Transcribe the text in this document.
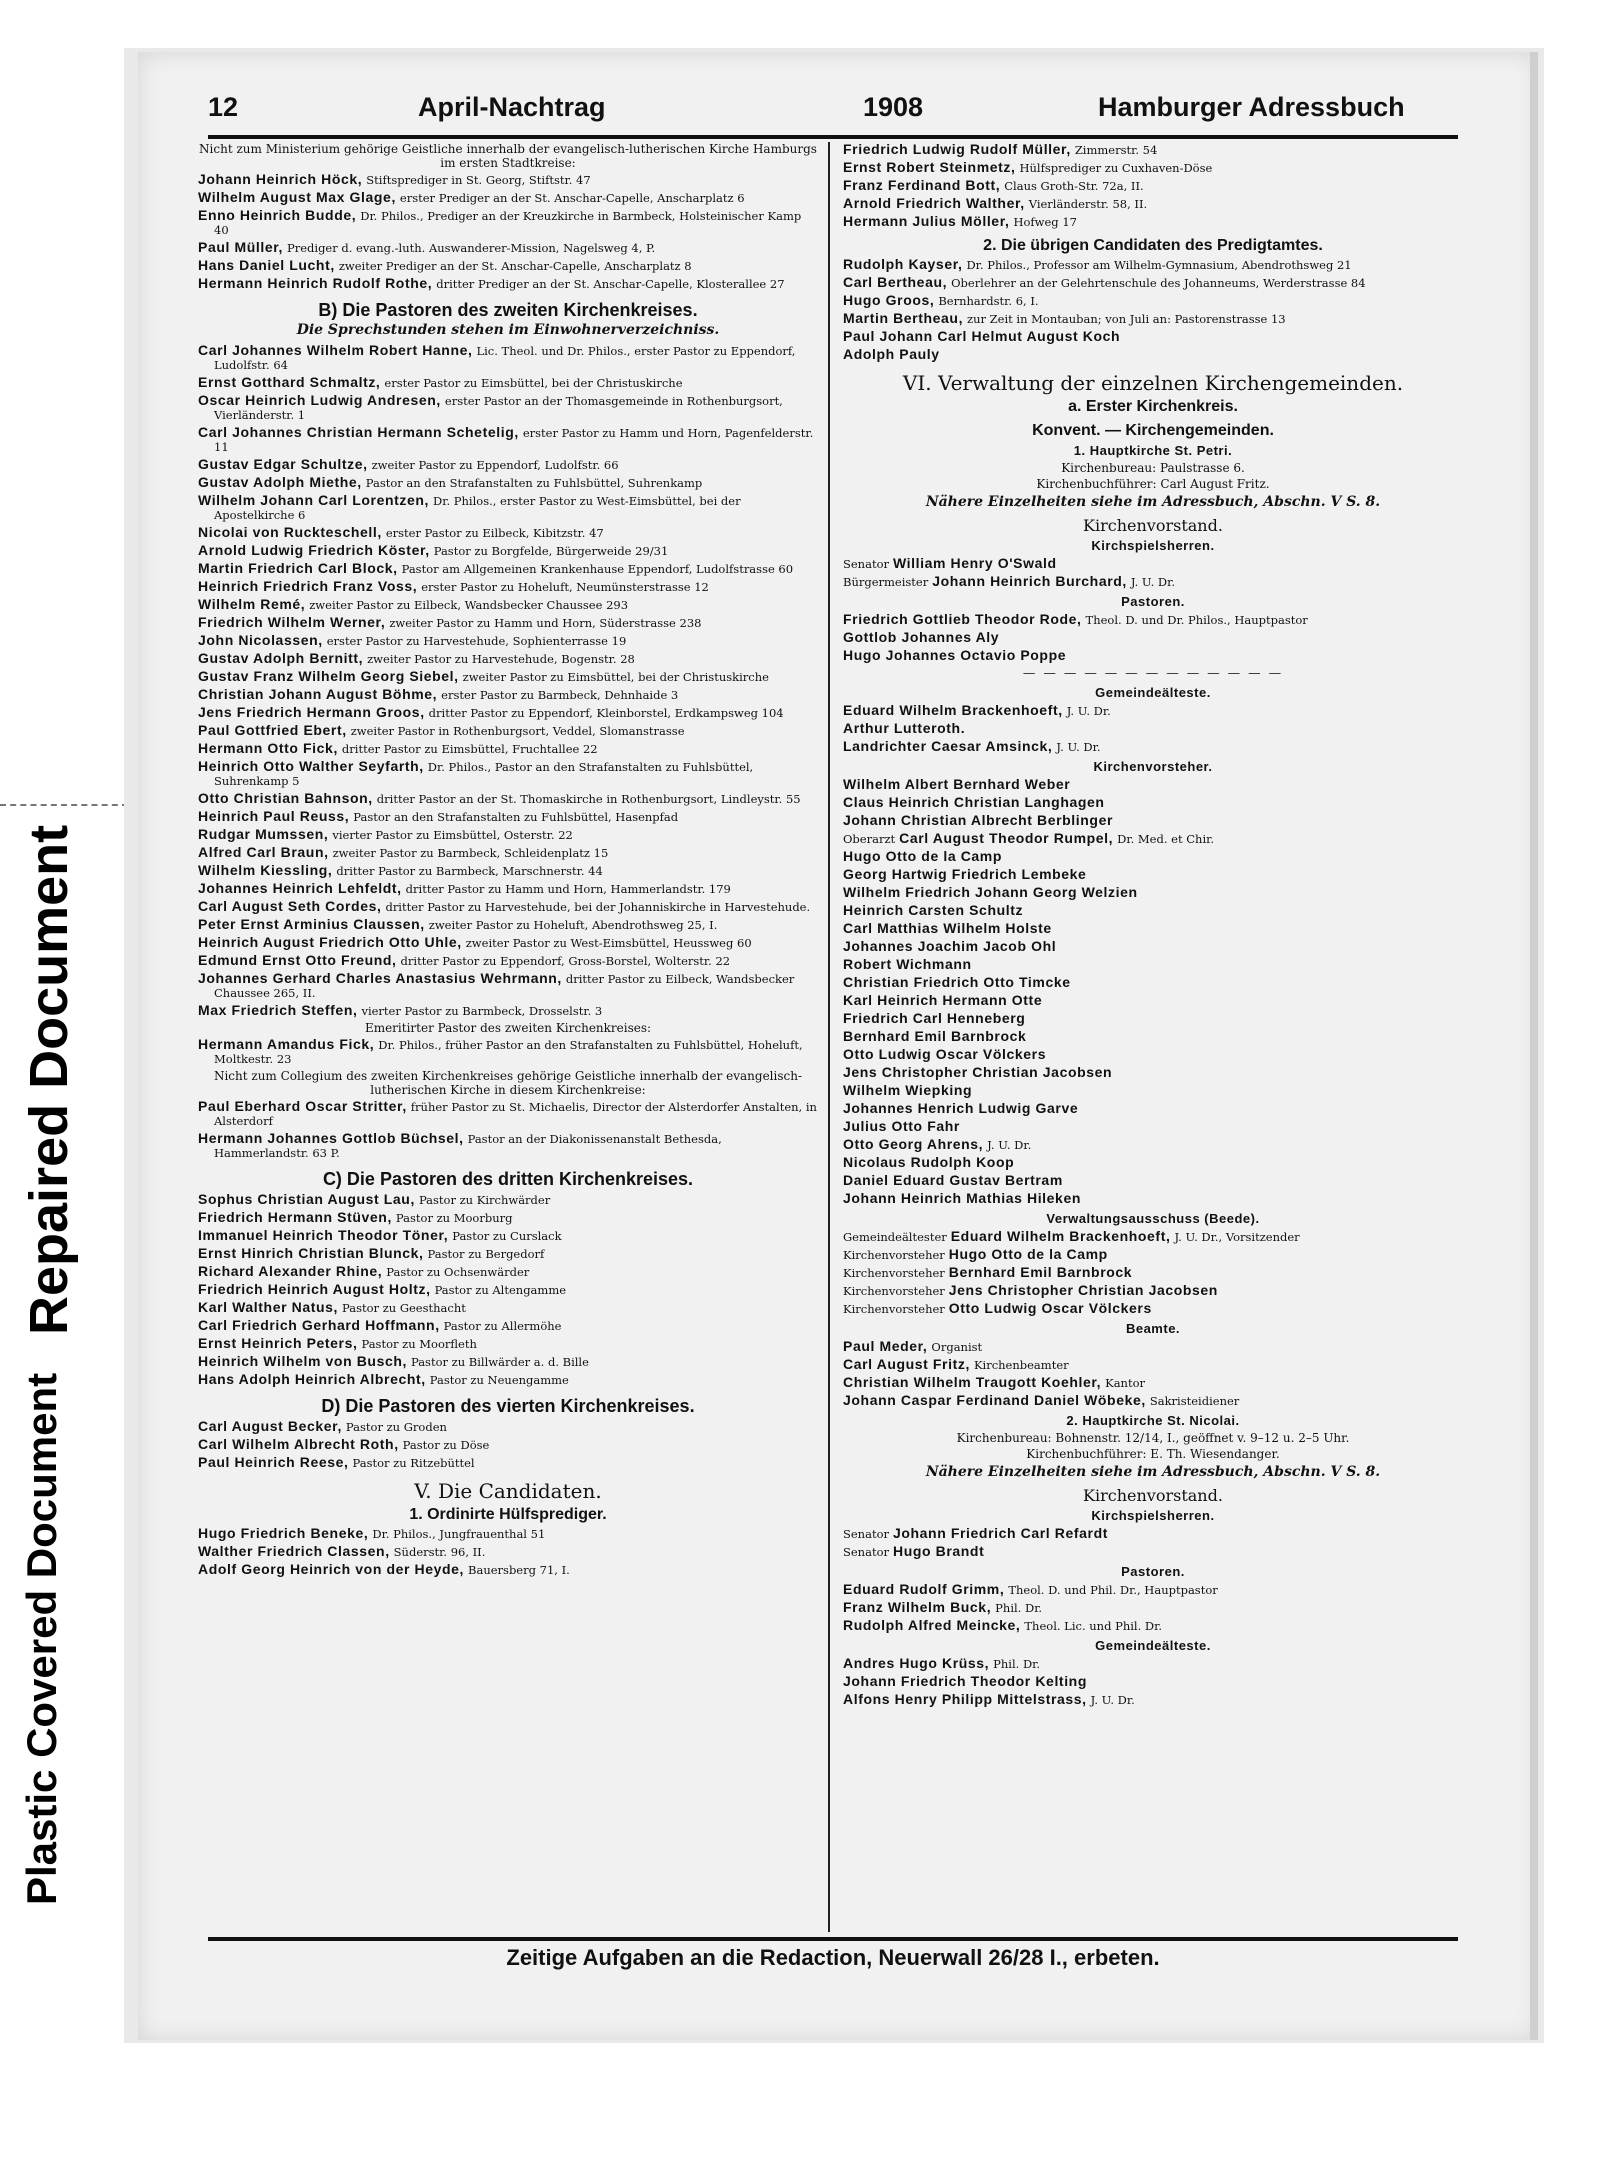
Plastic Covered Document
Repaired Document
12	April-Nachtrag	1908	Hamburger Adressbuch
Nicht zum Ministerium gehörige Geistliche innerhalb der evangelisch-lutherischen Kirche Hamburgs im ersten Stadtkreise:
Johann Heinrich Höck, Stiftsprediger in St. Georg, Stiftstr. 47
Wilhelm August Max Glage, erster Prediger an der St. Anschar-Capelle, Anscharplatz 6
Enno Heinrich Budde, Dr. Philos., Prediger an der Kreuzkirche in Barmbeck, Holsteinischer Kamp 40
Paul Müller, Prediger d. evang.-luth. Auswanderer-Mission, Nagelsweg 4, P.
Hans Daniel Lucht, zweiter Prediger an der St. Anschar-Capelle, Anscharplatz 8
Hermann Heinrich Rudolf Rothe, dritter Prediger an der St. Anschar-Capelle, Klosterallee 27
B) Die Pastoren des zweiten Kirchenkreises.
Die Sprechstunden stehen im Einwohnerverzeichniss.
Carl Johannes Wilhelm Robert Hanne, Lic. Theol. und Dr. Philos., erster Pastor zu Eppendorf, Ludolfstr. 64
Ernst Gotthard Schmaltz, erster Pastor zu Eimsbüttel, bei der Christuskirche
Oscar Heinrich Ludwig Andresen, erster Pastor an der Thomasgemeinde in Rothenburgsort, Vierländerstr. 1
Carl Johannes Christian Hermann Schetelig, erster Pastor zu Hamm und Horn, Pagenfelderstr. 11
Gustav Edgar Schultze, zweiter Pastor zu Eppendorf, Ludolfstr. 66
Gustav Adolph Miethe, Pastor an den Strafanstalten zu Fuhlsbüttel, Suhrenkamp
Wilhelm Johann Carl Lorentzen, Dr. Philos., erster Pastor zu West-Eimsbüttel, bei der Apostelkirche 6
Nicolai von Ruckteschell, erster Pastor zu Eilbeck, Kibitzstr. 47
Arnold Ludwig Friedrich Köster, Pastor zu Borgfelde, Bürgerweide 29/31
Martin Friedrich Carl Block, Pastor am Allgemeinen Krankenhause Eppendorf, Ludolfstrasse 60
Heinrich Friedrich Franz Voss, erster Pastor zu Hoheluft, Neumünsterstrasse 12
Wilhelm Remé, zweiter Pastor zu Eilbeck, Wandsbecker Chaussee 293
Friedrich Wilhelm Werner, zweiter Pastor zu Hamm und Horn, Süderstrasse 238
John Nicolassen, erster Pastor zu Harvestehude, Sophienterrasse 19
Gustav Adolph Bernitt, zweiter Pastor zu Harvestehude, Bogenstr. 28
Gustav Franz Wilhelm Georg Siebel, zweiter Pastor zu Eimsbüttel, bei der Christuskirche
Christian Johann August Böhme, erster Pastor zu Barmbeck, Dehnhaide 3
Jens Friedrich Hermann Groos, dritter Pastor zu Eppendorf, Kleinborstel, Erdkampsweg 104
Paul Gottfried Ebert, zweiter Pastor in Rothenburgsort, Veddel, Slomanstrasse
Hermann Otto Fick, dritter Pastor zu Eimsbüttel, Fruchtallee 22
Heinrich Otto Walther Seyfarth, Dr. Philos., Pastor an den Strafanstalten zu Fuhlsbüttel, Suhrenkamp 5
Otto Christian Bahnson, dritter Pastor an der St. Thomaskirche in Rothenburgsort, Lindleystr. 55
Heinrich Paul Reuss, Pastor an den Strafanstalten zu Fuhlsbüttel, Hasenpfad
Rudgar Mumssen, vierter Pastor zu Eimsbüttel, Osterstr. 22
Alfred Carl Braun, zweiter Pastor zu Barmbeck, Schleidenplatz 15
Wilhelm Kiessling, dritter Pastor zu Barmbeck, Marschnerstr. 44
Johannes Heinrich Lehfeldt, dritter Pastor zu Hamm und Horn, Hammerlandstr. 179
Carl August Seth Cordes, dritter Pastor zu Harvestehude, bei der Johanniskirche in Harvestehude.
Peter Ernst Arminius Claussen, zweiter Pastor zu Hoheluft, Abendrothsweg 25, I.
Heinrich August Friedrich Otto Uhle, zweiter Pastor zu West-Eimsbüttel, Heussweg 60
Edmund Ernst Otto Freund, dritter Pastor zu Eppendorf, Gross-Borstel, Wolterstr. 22
Johannes Gerhard Charles Anastasius Wehrmann, dritter Pastor zu Eilbeck, Wandsbecker Chaussee 265, II.
Max Friedrich Steffen, vierter Pastor zu Barmbeck, Drosselstr. 3
Emeritirter Pastor des zweiten Kirchenkreises:
Hermann Amandus Fick, Dr. Philos., früher Pastor an den Strafanstalten zu Fuhlsbüttel, Hoheluft, Moltkestr. 23
Nicht zum Collegium des zweiten Kirchenkreises gehörige Geistliche innerhalb der evangelisch-lutherischen Kirche in diesem Kirchenkreise:
Paul Eberhard Oscar Stritter, früher Pastor zu St. Michaelis, Director der Alsterdorfer Anstalten, in Alsterdorf
Hermann Johannes Gottlob Büchsel, Pastor an der Diakonissenanstalt Bethesda, Hammerlandstr. 63 P.
C) Die Pastoren des dritten Kirchenkreises.
Sophus Christian August Lau, Pastor zu Kirchwärder
Friedrich Hermann Stüven, Pastor zu Moorburg
Immanuel Heinrich Theodor Töner, Pastor zu Curslack
Ernst Hinrich Christian Blunck, Pastor zu Bergedorf
Richard Alexander Rhine, Pastor zu Ochsenwärder
Friedrich Heinrich August Holtz, Pastor zu Altengamme
Karl Walther Natus, Pastor zu Geesthacht
Carl Friedrich Gerhard Hoffmann, Pastor zu Allermöhe
Ernst Heinrich Peters, Pastor zu Moorfleth
Heinrich Wilhelm von Busch, Pastor zu Billwärder a. d. Bille
Hans Adolph Heinrich Albrecht, Pastor zu Neuengamme
D) Die Pastoren des vierten Kirchenkreises.
Carl August Becker, Pastor zu Groden
Carl Wilhelm Albrecht Roth, Pastor zu Döse
Paul Heinrich Reese, Pastor zu Ritzebüttel
V. Die Candidaten.
1. Ordinirte Hülfsprediger.
Hugo Friedrich Beneke, Dr. Philos., Jungfrauenthal 51
Walther Friedrich Classen, Süderstr. 96, II.
Adolf Georg Heinrich von der Heyde, Bauersberg 71, I.
Friedrich Ludwig Rudolf Müller, Zimmerstr. 54
Ernst Robert Steinmetz, Hülfsprediger zu Cuxhaven-Döse
Franz Ferdinand Bott, Claus Groth-Str. 72a, II.
Arnold Friedrich Walther, Vierländerstr. 58, II.
Hermann Julius Möller, Hofweg 17
2. Die übrigen Candidaten des Predigtamtes.
Rudolph Kayser, Dr. Philos., Professor am Wilhelm-Gymnasium, Abendrothsweg 21
Carl Bertheau, Oberlehrer an der Gelehrtenschule des Johanneums, Werderstrasse 84
Hugo Groos, Bernhardstr. 6, I.
Martin Bertheau, zur Zeit in Montauban; von Juli an: Pastorenstrasse 13
Paul Johann Carl Helmut August Koch
Adolph Pauly
VI. Verwaltung der einzelnen Kirchengemeinden.
a. Erster Kirchenkreis.
Konvent. — Kirchengemeinden.
1. Hauptkirche St. Petri.
Kirchenbureau: Paulstrasse 6.
Kirchenbuchführer: Carl August Fritz.
Nähere Einzelheiten siehe im Adressbuch, Abschn. V S. 8.
Kirchenvorstand.
Kirchspielsherren.
Senator William Henry O'Swald
Bürgermeister Johann Heinrich Burchard, J. U. Dr.
Pastoren.
Friedrich Gottlieb Theodor Rode, Theol. D. und Dr. Philos., Hauptpastor
Gottlob Johannes Aly
Hugo Johannes Octavio Poppe
— — — — — — — — — — — — —
Gemeindeälteste.
Eduard Wilhelm Brackenhoeft, J. U. Dr.
Arthur Lutteroth.
Landrichter Caesar Amsinck, J. U. Dr.
Kirchenvorsteher.
Wilhelm Albert Bernhard Weber
Claus Heinrich Christian Langhagen
Johann Christian Albrecht Berblinger
Oberarzt Carl August Theodor Rumpel, Dr. Med. et Chir.
Hugo Otto de la Camp
Georg Hartwig Friedrich Lembeke
Wilhelm Friedrich Johann Georg Welzien
Heinrich Carsten Schultz
Carl Matthias Wilhelm Holste
Johannes Joachim Jacob Ohl
Robert Wichmann
Christian Friedrich Otto Timcke
Karl Heinrich Hermann Otte
Friedrich Carl Henneberg
Bernhard Emil Barnbrock
Otto Ludwig Oscar Völckers
Jens Christopher Christian Jacobsen
Wilhelm Wiepking
Johannes Henrich Ludwig Garve
Julius Otto Fahr
Otto Georg Ahrens, J. U. Dr.
Nicolaus Rudolph Koop
Daniel Eduard Gustav Bertram
Johann Heinrich Mathias Hileken
Verwaltungsausschuss (Beede).
Gemeindeältester Eduard Wilhelm Brackenhoeft, J. U. Dr., Vorsitzender
Kirchenvorsteher Hugo Otto de la Camp
Kirchenvorsteher Bernhard Emil Barnbrock
Kirchenvorsteher Jens Christopher Christian Jacobsen
Kirchenvorsteher Otto Ludwig Oscar Völckers
Beamte.
Paul Meder, Organist
Carl August Fritz, Kirchenbeamter
Christian Wilhelm Traugott Koehler, Kantor
Johann Caspar Ferdinand Daniel Wöbeke, Sakristeidiener
2. Hauptkirche St. Nicolai.
Kirchenbureau: Bohnenstr. 12/14, I., geöffnet v. 9–12 u. 2–5 Uhr.
Kirchenbuchführer: E. Th. Wiesendanger.
Nähere Einzelheiten siehe im Adressbuch, Abschn. V S. 8.
Kirchenvorstand.
Kirchspielsherren.
Senator Johann Friedrich Carl Refardt
Senator Hugo Brandt
Pastoren.
Eduard Rudolf Grimm, Theol. D. und Phil. Dr., Hauptpastor
Franz Wilhelm Buck, Phil. Dr.
Rudolph Alfred Meincke, Theol. Lic. und Phil. Dr.
Gemeindeälteste.
Andres Hugo Krüss, Phil. Dr.
Johann Friedrich Theodor Kelting
Alfons Henry Philipp Mittelstrass, J. U. Dr.
Zeitige Aufgaben an die Redaction, Neuerwall 26/28 I., erbeten.
